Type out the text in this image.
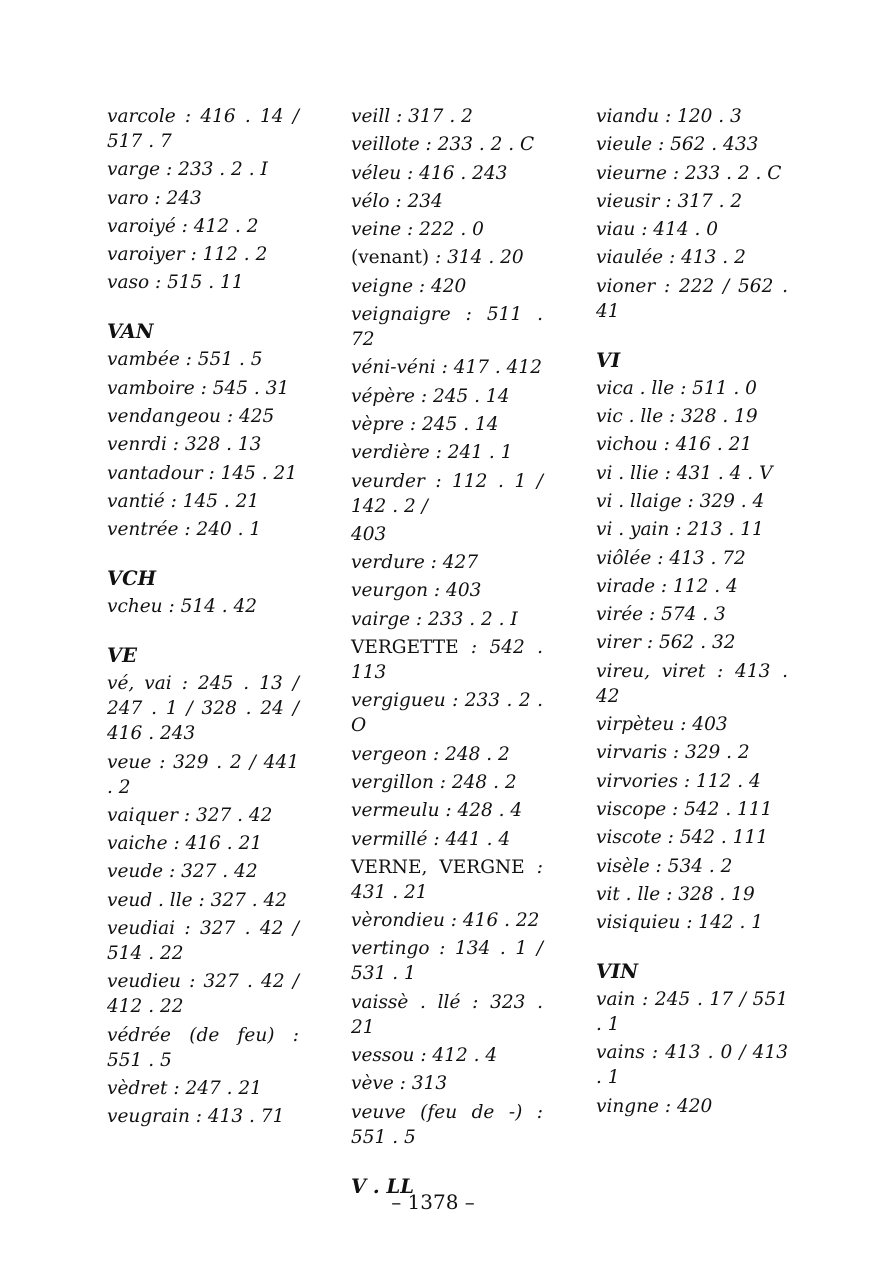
varcole : 416 . 14 / 517 . 7
varge : 233 . 2 . I
varo : 243
varoiyé : 412 . 2
varoiyer : 112 . 2
vaso : 515 . 11
VAN
vambée : 551 . 5
vamboire : 545 . 31
vendangeou : 425
venrdi : 328 . 13
vantadour : 145 . 21
vantié : 145 . 21
ventrée : 240 . 1
VCH
vcheu : 514 . 42
VE
vé, vai : 245 . 13 / 247 . 1 / 328 . 24 / 416 . 243
veue : 329 . 2 / 441 . 2
vaiquer : 327 . 42
vaiche : 416 . 21
veude : 327 . 42
veud . lle : 327 . 42
veudiai : 327 . 42 / 514 . 22
veudieu : 327 . 42 / 412 . 22
védrée (de feu) : 551 . 5
vèdret : 247 . 21
veugrain : 413 . 71
veill : 317 . 2
veillote : 233 . 2 . C
véleu : 416 . 243
vélo : 234
veine : 222 . 0
(venant) : 314 . 20
veigne : 420
veignaigre : 511 . 72
véni-véni : 417 . 412
vépère : 245 . 14
vèpre : 245 . 14
verdière : 241 . 1
veurder : 112 . 1 / 142 . 2 /
403
verdure : 427
veurgon : 403
vairge : 233 . 2 . I
VERGETTE : 542 . 113
vergigueu : 233 . 2 . O
vergeon : 248 . 2
vergillon : 248 . 2
vermeulu : 428 . 4
vermillé : 441 . 4
VERNE, VERGNE : 431 . 21
vèrondieu : 416 . 22
vertingo : 134 . 1 / 531 . 1
vaissè . llé : 323 . 21
vessou : 412 . 4
vève : 313
veuve (feu de -) : 551 . 5
V . LL
viandu : 120 . 3
vieule : 562 . 433
vieurne : 233 . 2 . C
vieusir : 317 . 2
viau : 414 . 0
viaulée : 413 . 2
vioner : 222 / 562 . 41
VI
vica . lle : 511 . 0
vic . lle : 328 . 19
vichou : 416 . 21
vi . llie : 431 . 4 . V
vi . llaige : 329 . 4
vi . yain : 213 . 11
viôlée : 413 . 72
virade : 112 . 4
virée : 574 . 3
virer : 562 . 32
vireu, viret : 413 . 42
virpèteu : 403
virvaris : 329 . 2
virvories : 112 . 4
viscope : 542 . 111
viscote : 542 . 111
visèle : 534 . 2
vit . lle : 328 . 19
visiquieu : 142 . 1
VIN
vain : 245 . 17 / 551 . 1
vains : 413 . 0 / 413 . 1
vingne : 420
– 1378 –
